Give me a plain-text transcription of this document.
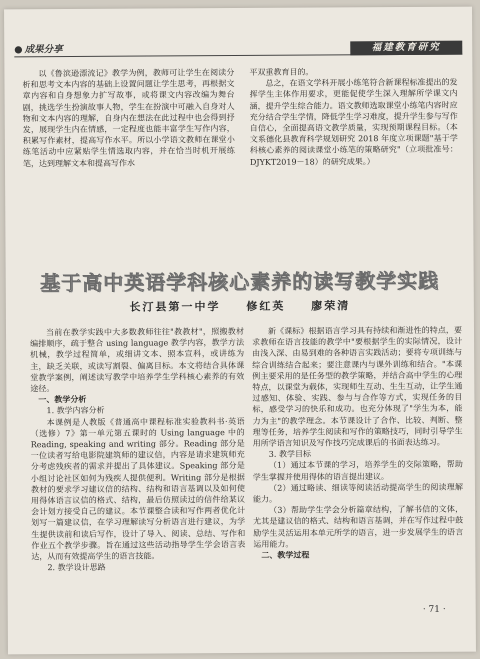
● 成果分享	福建教育研究

以《鲁滨逊漂流记》教学为例，教师可让学生在阅读分析和思考文本内容的基础上设置问题让学生思考，再根据文章内容和自身想象力扩写故事，或将课文内容改编为舞台剧，挑选学生扮演故事人物，学生在扮演中可融入自身对人物和文本内容的理解，自身内在想法在此过程中也会得到抒发，展现学生内在情感，一定程度也能丰富学生写作内容，积累写作素材，提高写作水平。所以小学语文教师在课堂小练笔活动中应紧贴学生情选取内容，并在恰当时机开展练笔，达到理解文本和提高写作水

平双重教育目的。

总之，在语文学科开展小练笔符合新课程标准提出的发挥学生主体作用要求，更能促使学生深入理解所学课文内涵，提升学生综合能力。语文教师选取课堂小练笔内容时应充分结合学生学情，降低学生学习难度，提升学生参与写作自信心，全面提高语文教学质量，实现预期课程目标。（本文系德化县教育科学规划研究 2018 年度立项课题"基于学科核心素养的阅读课堂小练笔的策略研究"（立项批准号：DJYKT2019－18）的研究成果。）

基于高中英语学科核心素养的读写教学实践
长汀县第一中学 修红英 廖荣清

当前在教学实践中大多数教师往往"教教材"，照搬教材编排顺序，疏于整合 using language 教学内容，教学方法机械，教学过程简单，或细讲文本、照本宣科，或讲练为主，缺乏关联，或读写割裂、偏离目标。本文将结合具体课堂教学案例，阐述读写教学中培养学生学科核心素养的有效途径。

一、教学分析

1. 教学内容分析

本课例是人教版《普通高中课程标准实验教科书·英语（选修）7》第一单元第五课时的 Using language 中的 Reading, speaking and writing 部分。Reading 部分是一位读者写给电影院建筑师的建议信，内容是请求建筑师充分考虑残疾者的需求并提出了具体建议。Speaking 部分是小组讨论社区如何为残疾人提供便利。Writing 部分是根据教材的要求学习建议信的结构、结构和语言基调以及如何使用得体语言议信的格式、结构，最后仿照读过的信件给某议会计划方接受自己的建议。本节课整合读和写作两者优化计划写一篇建议信，在学习理解读写分析语言进行建议，为学生提供读前和读后写作，设计了导入、阅读、总结、写作和作业五个教学步骤。旨在通过这些活动指导学生学会语言表达，从而有效提高学生的语言技能。

2. 教学设计思路

新《课标》根据语言学习具有持续和渐进性的特点，要求教师在语言技能的教学中"要根据学生的实际情况，设计由浅入深、由易到难的各种语言实践活动；要将专项训练与综合训练结合起来；要注意课内与课外训练和结合。"本课例主要采用的是任务型的教学策略，并结合高中学生的心理特点，以课堂为载体，实现师生互动、生生互动，让学生通过感知、体验、实践、参与与合作等方式，实现任务的目标，感受学习的快乐和成功。也充分体现了"学生为本，能力为主"的教学理念。本节课设计了合作、比较、判断、整理等任务，培养学生阅读和写作的策略技巧，同时引导学生用所学语言知识及写作技巧完成课后的书面表达练习。

3. 教学目标

（1）通过本节课的学习，培养学生的交际策略，帮助学生掌握并使用得体的语言提出建议。

（2）通过略读、细读等阅读活动提高学生的阅读理解能力。

（3）帮助学生学会分析篇章结构，了解书信的文体，尤其是建议信的格式、结构和语言基调，并在写作过程中鼓励学生灵活运用本单元所学的语言，进一步发展学生的语言运用能力。

二、教学过程

· 71 ·
